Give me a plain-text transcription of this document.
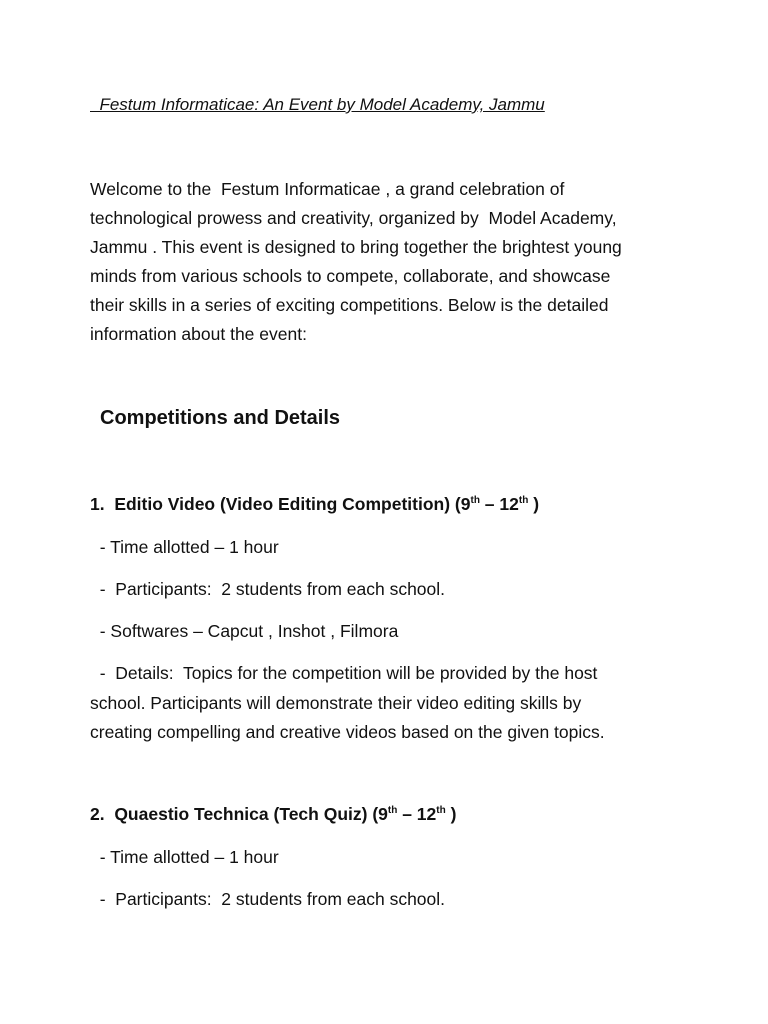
Festum Informaticae: An Event by Model Academy, Jammu
Welcome to the  Festum Informaticae , a grand celebration of
technological prowess and creativity, organized by  Model Academy,
Jammu . This event is designed to bring together the brightest young
minds from various schools to compete, collaborate, and showcase
their skills in a series of exciting competitions. Below is the detailed
information about the event:
Competitions and Details
1.  Editio Video (Video Editing Competition) (9th – 12th )
- Time allotted – 1 hour
-  Participants:  2 students from each school.
- Softwares – Capcut , Inshot , Filmora
-  Details:  Topics for the competition will be provided by the host
school. Participants will demonstrate their video editing skills by
creating compelling and creative videos based on the given topics.
2.  Quaestio Technica (Tech Quiz) (9th – 12th )
- Time allotted – 1 hour
-  Participants:  2 students from each school.
